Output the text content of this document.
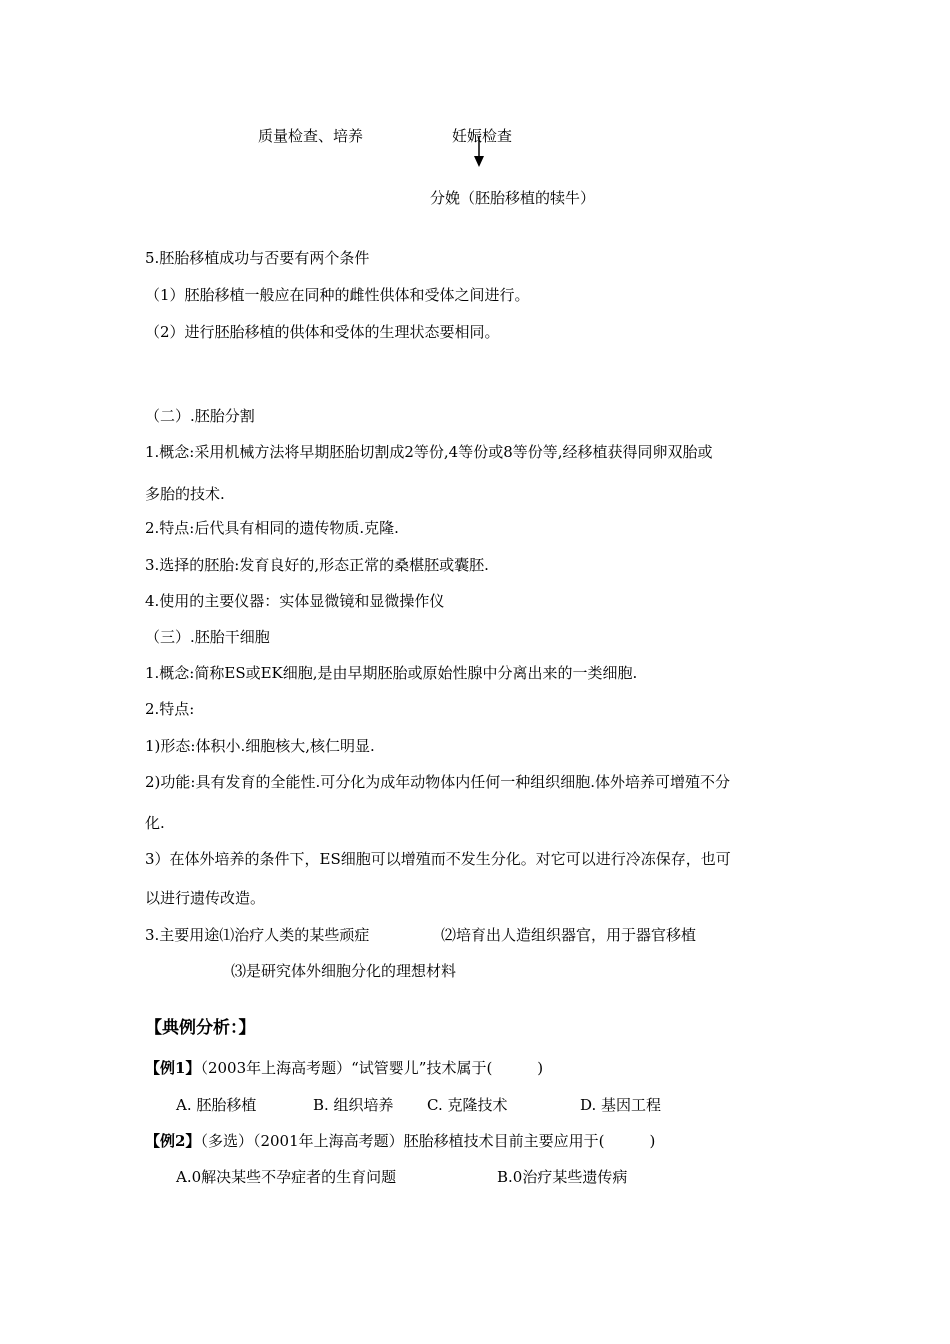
质量检查、培养	妊娠检查
分娩（胚胎移植的犊牛）
5.胚胎移植成功与否要有两个条件
（1）胚胎移植一般应在同种的雌性供体和受体之间进行。
（2）进行胚胎移植的供体和受体的生理状态要相同。
（二）.胚胎分割
1.概念:采用机械方法将早期胚胎切割成2等份,4等份或8等份等,经移植获得同卵双胎或
多胎的技术.
2.特点:后代具有相同的遗传物质.克隆.
3.选择的胚胎:发育良好的,形态正常的桑椹胚或囊胚.
4.使用的主要仪器：实体显微镜和显微操作仪
（三）.胚胎干细胞
1.概念:简称ES或EK细胞,是由早期胚胎或原始性腺中分离出来的一类细胞.
2.特点:
1)形态:体积小.细胞核大,核仁明显.
2)功能:具有发育的全能性.可分化为成年动物体内任何一种组织细胞.体外培养可增殖不分
化.
3）在体外培养的条件下，ES细胞可以增殖而不发生分化。对它可以进行冷冻保存，也可
以进行遗传改造。
3.主要用途⑴治疗人类的某些顽症	⑵培育出人造组织器官，用于器官移植
⑶是研究体外细胞分化的理想材料
【典例分析：】
【例1】（2003年上海高考题）“试管婴儿”技术属于(　　　)
A. 胚胎移植	B. 组织培养 C. 克隆技术	D. 基因工程
【例2】（多选）（2001年上海高考题）胚胎移植技术目前主要应用于(　　　)
A.0解决某些不孕症者的生育问题	B.0治疗某些遗传病
